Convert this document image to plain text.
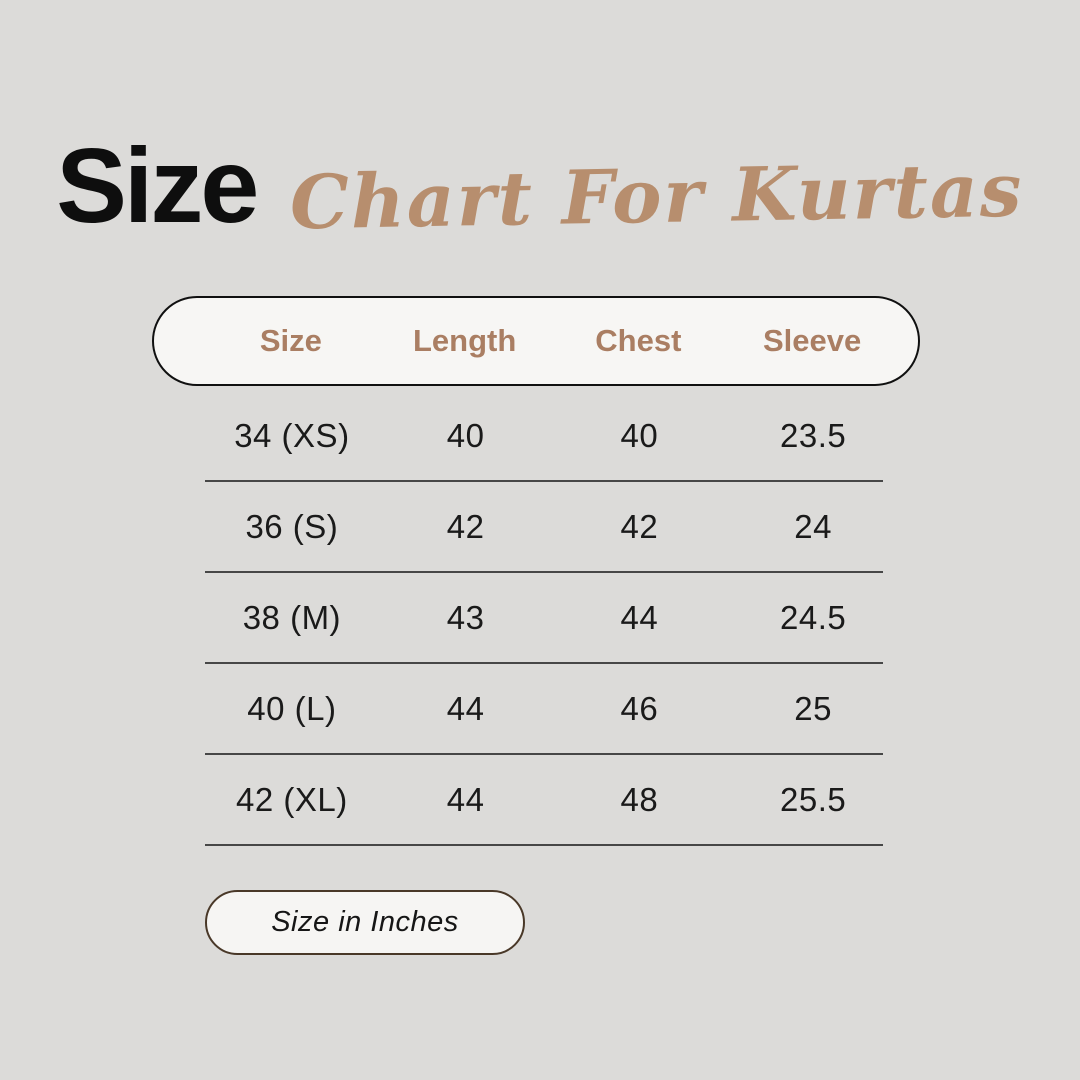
Size Chart For Kurtas
Size	Length	Chest	Sleeve
34 (XS)	40	40	23.5
36 (S)	42	42	24
38 (M)	43	44	24.5
40 (L)	44	46	25
42 (XL)	44	48	25.5
Size in Inches
